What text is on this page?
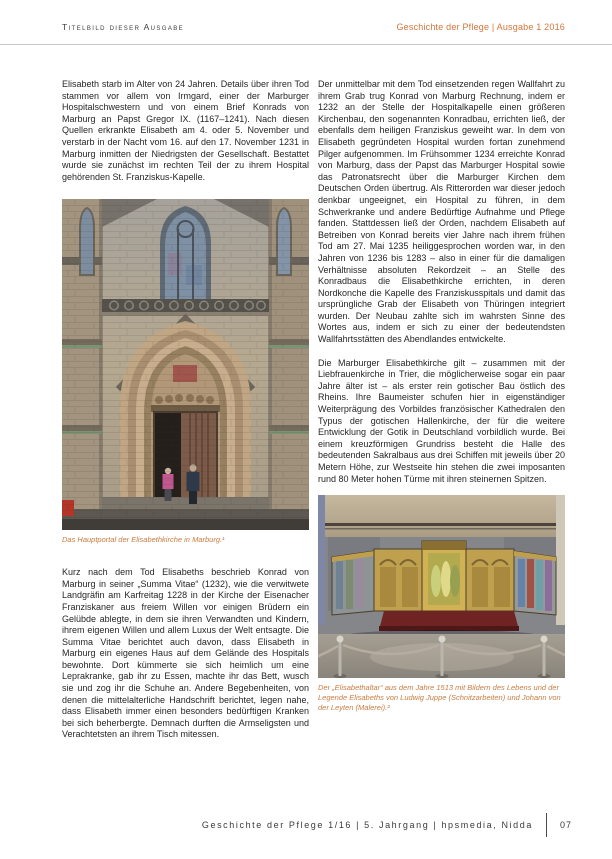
Titelbild dieser Ausgabe	Geschichte der Pflege | Ausgabe 1 2016

Elisabeth starb im Alter von 24 Jahren. Details über ihren Tod stammen vor allem von Irmgard, einer der Marburger Hospitalschwestern und von einem Brief Konrads von Marburg an Papst Gregor IX. (1167–1241). Nach diesen Quellen erkrankte Elisabeth am 4. oder 5. November und verstarb in der Nacht vom 16. auf den 17. November 1231 in Marburg inmitten der Niedrigsten der Gesellschaft. Bestattet wurde sie zunächst im rechten Teil der zu ihrem Hospital gehörenden St. Franziskus-Kapelle.

Das Hauptportal der Elisabethkirche in Marburg.¹

Kurz nach dem Tod Elisabeths beschrieb Konrad von Marburg in seiner „Summa Vitae“ (1232), wie die verwitwete Landgräfin am Karfreitag 1228 in der Kirche der Eisenacher Franziskaner aus freiem Willen vor einigen Brüdern ein Gelübde ablegte, in dem sie ihren Verwandten und Kindern, ihrem eigenen Willen und allem Luxus der Welt entsagte. Die Summa Vitae berichtet auch davon, dass Elisabeth in Marburg ein eigenes Haus auf dem Gelände des Hospitals bewohnte. Dort kümmerte sie sich heimlich um eine Leprakranke, gab ihr zu Essen, machte ihr das Bett, wusch sie und zog ihr die Schuhe an. Andere Begebenheiten, von denen die mittelalterliche Handschrift berichtet, legen nahe, dass Elisabeth immer einen besonders bedürftigen Kranken bei sich beherbergte. Demnach durften die Armseligsten und Verachtetsten an ihrem Tisch mitessen.

Der unmittelbar mit dem Tod einsetzenden regen Wallfahrt zu ihrem Grab trug Konrad von Marburg Rechnung, indem er 1232 an der Stelle der Hospitalkapelle einen größeren Kirchenbau, den sogenannten Konradbau, errichten ließ, der ebenfalls dem heiligen Franziskus geweiht war. In dem von Elisabeth gegründeten Hospital wurden fortan zunehmend Pilger aufgenommen. Im Frühsommer 1234 erreichte Konrad von Marburg, dass der Papst das Marburger Hospital sowie das Patronatsrecht über die Marburger Kirchen dem Deutschen Orden übertrug. Als Ritterorden war dieser jedoch denkbar ungeeignet, ein Hospital zu führen, in dem Schwerkranke und andere Bedürftige Aufnahme und Pflege fanden. Stattdessen ließ der Orden, nachdem Elisabeth auf Betreiben von Konrad bereits vier Jahre nach ihrem frühen Tod am 27. Mai 1235 heiliggesprochen worden war, in den Jahren von 1236 bis 1283 – also in einer für die damaligen Verhältnisse absoluten Rekordzeit – an Stelle des Konradbaus die Elisabethkirche errichten, in deren Nordkonche die Kapelle des Franziskusspitals und damit das ursprüngliche Grab der Elisabeth von Thüringen integriert wurden. Der Neubau zahlte sich im wahrsten Sinne des Wortes aus, indem er sich zu einer der bedeutendsten Wallfahrtsstätten des Abendlandes entwickelte.

Die Marburger Elisabethkirche gilt – zusammen mit der Liebfrauenkirche in Trier, die möglicherweise sogar ein paar Jahre älter ist – als erster rein gotischer Bau östlich des Rheins. Ihre Baumeister schufen hier in eigenständiger Weiterprägung des Vorbildes französischer Kathedralen den Typus der gotischen Hallenkirche, der für die weitere Entwicklung der Gotik in Deutschland vorbildlich wurde. Bei einem kreuzförmigen Grundriss besteht die Halle des bedeutenden Sakralbaus aus drei Schiffen mit jeweils über 20 Metern Höhe, zur Westseite hin stehen die zwei imposanten rund 80 Meter hohen Türme mit ihren steinernen Spitzen.

Der „Elisabethaltar“ aus dem Jahre 1513 mit Bildern des Lebens und der Legende Elisabeths von Ludwig Juppe (Schnitzarbeiten) und Johann von der Leyten (Malerei).²
Geschichte der Pflege 1/16 | 5. Jahrgang | hpsmedia, Nidda	07
